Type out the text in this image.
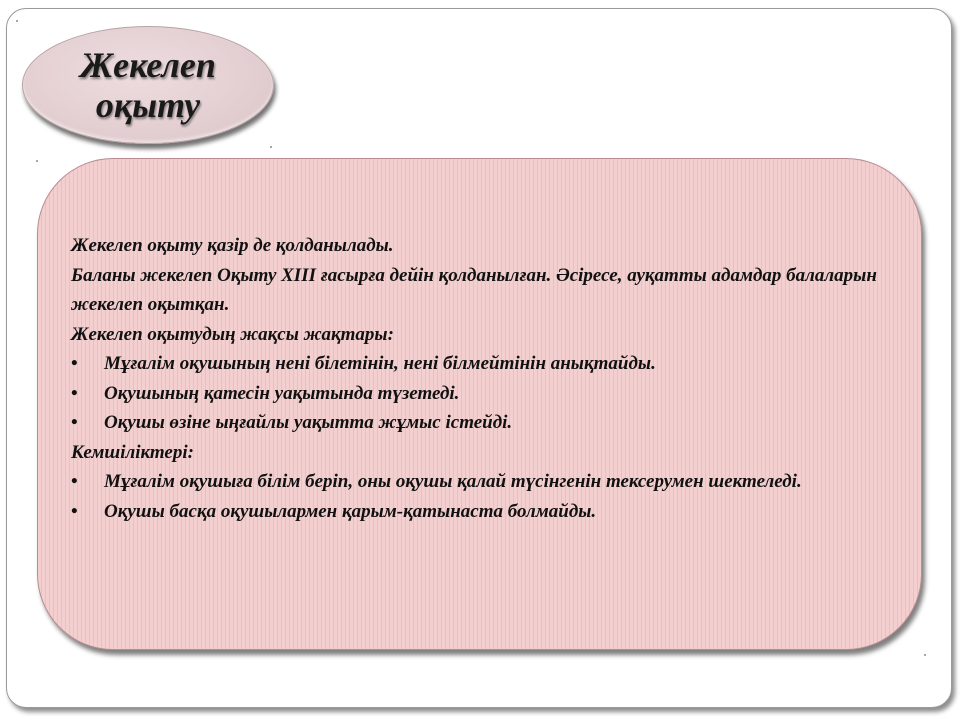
Жекелеп
оқыту
Жекелеп оқыту қазір де қолданылады.
Баланы жекелеп Оқыту XIII ғасырға дейін қолданылған. Әсіресе, ауқатты адамдар балаларын жекелеп оқытқан.
Жекелеп оқытудың жақсы жақтары:
• Мұғалім оқушының нені білетінін, нені білмейтінін анықтайды.
• Оқушының қатесін уақытында түзетеді.
• Оқушы өзіне ыңғайлы уақытта жұмыс істейді.
Кемшіліктері:
• Мұғалім оқушыға білім беріп, оны оқушы қалай түсінгенін тексерумен шектеледі.
• Оқушы басқа оқушылармен қарым-қатынаста болмайды.
